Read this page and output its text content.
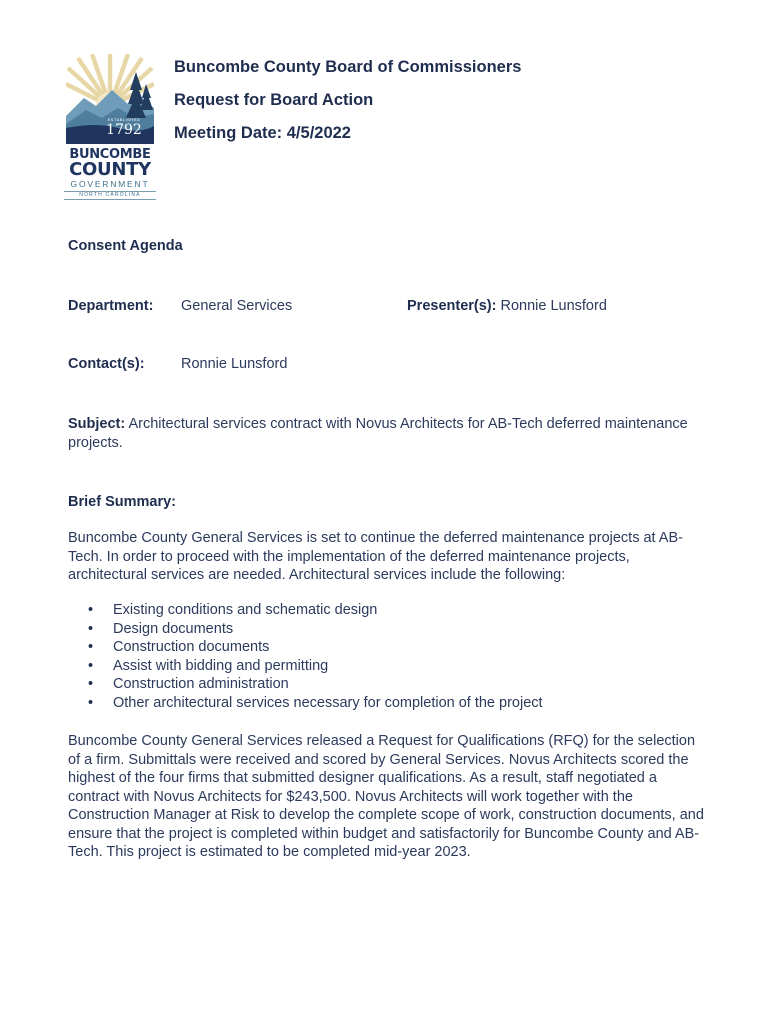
1792
ESTABLISHED
BUNCOMBE
COUNTY
GOVERNMENT
NORTH CAROLINA
Buncombe County Board of Commissioners
Request for Board Action
Meeting Date: 4/5/2022
Consent Agenda
Department: General Services	Presenter(s): Ronnie Lunsford
Contact(s):	Ronnie Lunsford
Subject: Architectural services contract with Novus Architects for AB-Tech deferred maintenance projects.
Brief Summary:
Buncombe County General Services is set to continue the deferred maintenance projects at AB-Tech. In order to proceed with the implementation of the deferred maintenance projects, architectural services are needed. Architectural services include the following:
• Existing conditions and schematic design
• Design documents
• Construction documents
• Assist with bidding and permitting
• Construction administration
• Other architectural services necessary for completion of the project
Buncombe County General Services released a Request for Qualifications (RFQ) for the selection of a firm. Submittals were received and scored by General Services. Novus Architects scored the highest of the four firms that submitted designer qualifications. As a result, staff negotiated a contract with Novus Architects for $243,500. Novus Architects will work together with the Construction Manager at Risk to develop the complete scope of work, construction documents, and ensure that the project is completed within budget and satisfactorily for Buncombe County and AB-Tech. This project is estimated to be completed mid-year 2023.
